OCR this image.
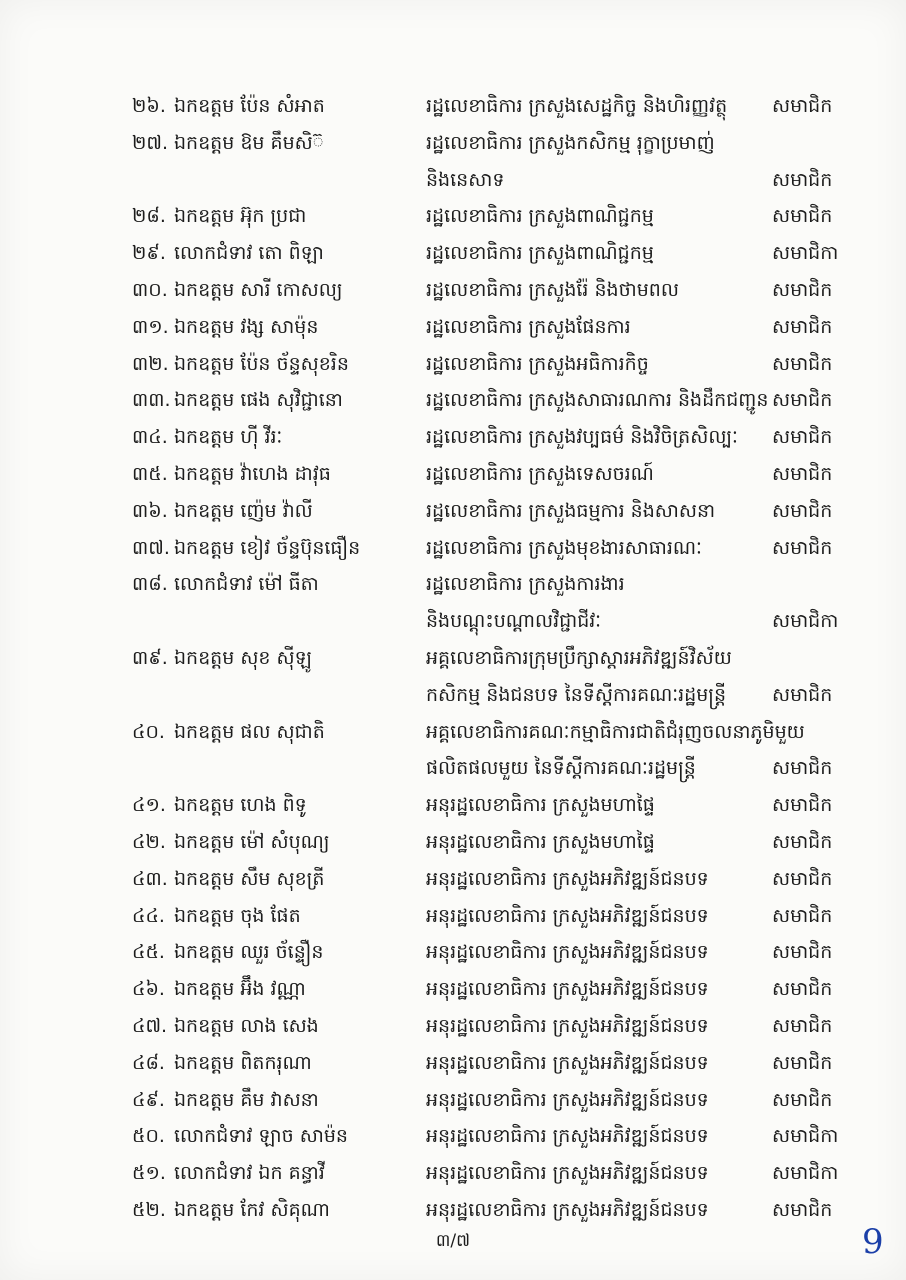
២៦. ឯកឧត្តម ប៉ែន សំអាត	រដ្ឋលេខាធិការ ក្រសួងសេដ្ឋកិច្ច និងហិរញ្ញវត្ថុ	សមាជិក
២៧. ឯកឧត្តម ឱម គឹមសិ៊	រដ្ឋលេខាធិការ ក្រសួងកសិកម្ម រុក្ខាប្រមាញ់
និងនេសាទ	សមាជិក
២៨. ឯកឧត្តម អ៊ុក ប្រជា	រដ្ឋលេខាធិការ ក្រសួងពាណិជ្ជកម្ម	សមាជិក
២៩. លោកជំទាវ តោ ពិឡា	រដ្ឋលេខាធិការ ក្រសួងពាណិជ្ជកម្ម	សមាជិកា
៣០. ឯកឧត្តម សារី កោសល្យ	រដ្ឋលេខាធិការ ក្រសួងរ៉ែ និងថាមពល	សមាជិក
៣១. ឯកឧត្តម វង្ស សាម៉ុន	រដ្ឋលេខាធិការ ក្រសួងផែនការ	សមាជិក
៣២. ឯកឧត្តម ប៉ែន ច័ន្ទសុខរិន	រដ្ឋលេខាធិការ ក្រសួងអធិការកិច្ច	សមាជិក
៣៣. ឯកឧត្តម ផេង សុវិជ្ជានោ	រដ្ឋលេខាធិការ ក្រសួងសាធារណការ និងដឹកជញ្ជូន សមាជិក
៣៤. ឯកឧត្តម ហ៊ី វីរៈ	រដ្ឋលេខាធិការ ក្រសួងវប្បធម៌ និងវិចិត្រសិល្បៈ	សមាជិក
៣៥. ឯកឧត្តម វ៉ាហេង ដាវុធ	រដ្ឋលេខាធិការ ក្រសួងទេសចរណ៍	សមាជិក
៣៦. ឯកឧត្តម ញ៉េម វ៉ាលី	រដ្ឋលេខាធិការ ក្រសួងធម្មការ និងសាសនា	សមាជិក
៣៧. ឯកឧត្តម ខៀវ ច័ន្ទប៊ុនធឿន	រដ្ឋលេខាធិការ ក្រសួងមុខងារសាធារណៈ	សមាជិក
៣៨. លោកជំទាវ ម៉ៅ ធីតា	រដ្ឋលេខាធិការ ក្រសួងការងារ
និងបណ្តុះបណ្តាលវិជ្ជាជីវៈ	សមាជិកា
៣៩. ឯកឧត្តម សុខ ស៊ីឡូ	អគ្គលេខាធិការក្រុមប្រឹក្សាស្តារអភិវឌ្ឍន៍វិស័យ
កសិកម្ម និងជនបទ នៃទីស្តីការគណៈរដ្ឋមន្ត្រី	សមាជិក
៤០. ឯកឧត្តម ផល សុជាតិ	អគ្គលេខាធិការគណៈកម្មាធិការជាតិជំរុញចលនាភូមិមួយ
ផលិតផលមួយ នៃទីស្តីការគណៈរដ្ឋមន្ត្រី	សមាជិក
៤១. ឯកឧត្តម ហេង ពិទូ	អនុរដ្ឋលេខាធិការ ក្រសួងមហាផ្ទៃ	សមាជិក
៤២. ឯកឧត្តម ម៉ៅ សំបុណ្យ	អនុរដ្ឋលេខាធិការ ក្រសួងមហាផ្ទៃ	សមាជិក
៤៣. ឯកឧត្តម សឹម សុខត្រី	អនុរដ្ឋលេខាធិការ ក្រសួងអភិវឌ្ឍន៍ជនបទ	សមាជិក
៤៤. ឯកឧត្តម ចុង ផែត	អនុរដ្ឋលេខាធិការ ក្រសួងអភិវឌ្ឍន៍ជនបទ	សមាជិក
៤៥. ឯកឧត្តម ឈួរ ច័ន្ទឿន	អនុរដ្ឋលេខាធិការ ក្រសួងអភិវឌ្ឍន៍ជនបទ	សមាជិក
៤៦. ឯកឧត្តម អ៊ឹង វណ្ណា	អនុរដ្ឋលេខាធិការ ក្រសួងអភិវឌ្ឍន៍ជនបទ	សមាជិក
៤៧. ឯកឧត្តម លាង សេង	អនុរដ្ឋលេខាធិការ ក្រសួងអភិវឌ្ឍន៍ជនបទ	សមាជិក
៤៨. ឯកឧត្តម ពិតករុណា	អនុរដ្ឋលេខាធិការ ក្រសួងអភិវឌ្ឍន៍ជនបទ	សមាជិក
៤៩. ឯកឧត្តម គឹម វាសនា	អនុរដ្ឋលេខាធិការ ក្រសួងអភិវឌ្ឍន៍ជនបទ	សមាជិក
៥០. លោកជំទាវ ឡាច សាម៉ន	អនុរដ្ឋលេខាធិការ ក្រសួងអភិវឌ្ឍន៍ជនបទ	សមាជិកា
៥១. លោកជំទាវ ឯក គន្ធាវី	អនុរដ្ឋលេខាធិការ ក្រសួងអភិវឌ្ឍន៍ជនបទ	សមាជិកា
៥២. ឯកឧត្តម កែវ សិគុណា	អនុរដ្ឋលេខាធិការ ក្រសួងអភិវឌ្ឍន៍ជនបទ	សមាជិក
៣/៧	9
